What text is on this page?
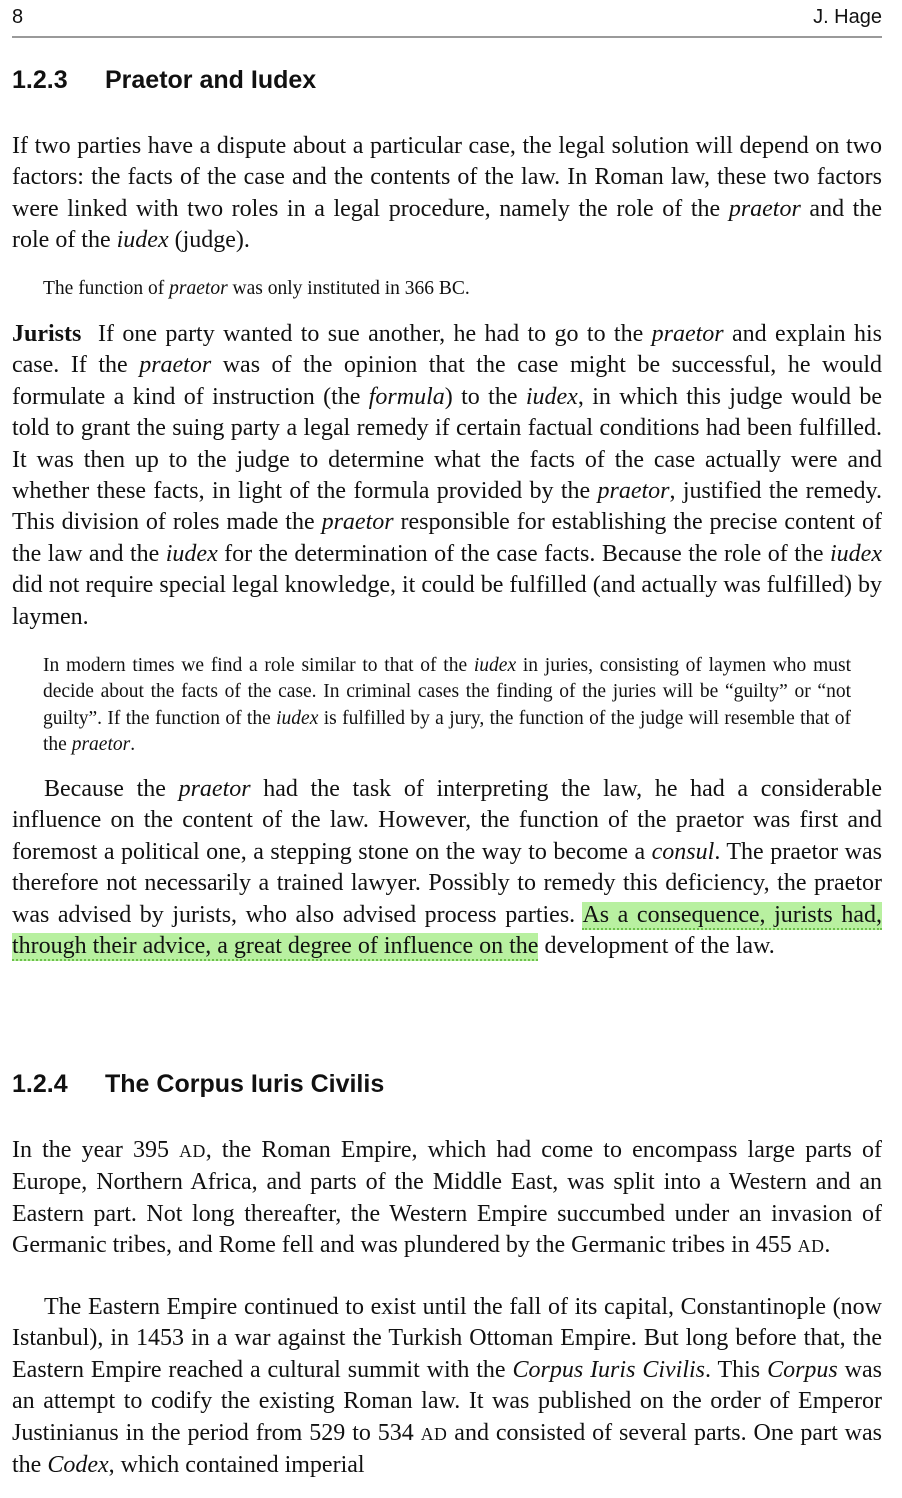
8	J. Hage
1.2.3 Praetor and Iudex

If two parties have a dispute about a particular case, the legal solution will depend on two factors: the facts of the case and the contents of the law. In Roman law, these two factors were linked with two roles in a legal procedure, namely the role of the praetor and the role of the iudex (judge).

The function of praetor was only instituted in 366 BC.

Jurists  If one party wanted to sue another, he had to go to the praetor and explain his case. If the praetor was of the opinion that the case might be successful, he would formulate a kind of instruction (the formula) to the iudex, in which this judge would be told to grant the suing party a legal remedy if certain factual conditions had been fulfilled. It was then up to the judge to determine what the facts of the case actually were and whether these facts, in light of the formula provided by the praetor, justified the remedy. This division of roles made the praetor responsible for establishing the precise content of the law and the iudex for the determination of the case facts. Because the role of the iudex did not require special legal knowledge, it could be fulfilled (and actually was fulfilled) by laymen.

In modern times we find a role similar to that of the iudex in juries, consisting of laymen who must decide about the facts of the case. In criminal cases the finding of the juries will be “guilty” or “not guilty”. If the function of the iudex is fulfilled by a jury, the function of the judge will resemble that of the praetor.

Because the praetor had the task of interpreting the law, he had a considerable influence on the content of the law. However, the function of the praetor was first and foremost a political one, a stepping stone on the way to become a consul. The praetor was therefore not necessarily a trained lawyer. Possibly to remedy this deficiency, the praetor was advised by jurists, who also advised process parties. As a consequence, jurists had, through their advice, a great degree of influence on the development of the law.

1.2.4 The Corpus Iuris Civilis

In the year 395 AD, the Roman Empire, which had come to encompass large parts of Europe, Northern Africa, and parts of the Middle East, was split into a Western and an Eastern part. Not long thereafter, the Western Empire succumbed under an invasion of Germanic tribes, and Rome fell and was plundered by the Germanic tribes in 455 AD.

The Eastern Empire continued to exist until the fall of its capital, Constantinople (now Istanbul), in 1453 in a war against the Turkish Ottoman Empire. But long before that, the Eastern Empire reached a cultural summit with the Corpus Iuris Civilis. This Corpus was an attempt to codify the existing Roman law. It was published on the order of Emperor Justinianus in the period from 529 to 534 AD and consisted of several parts. One part was the Codex, which contained imperial
